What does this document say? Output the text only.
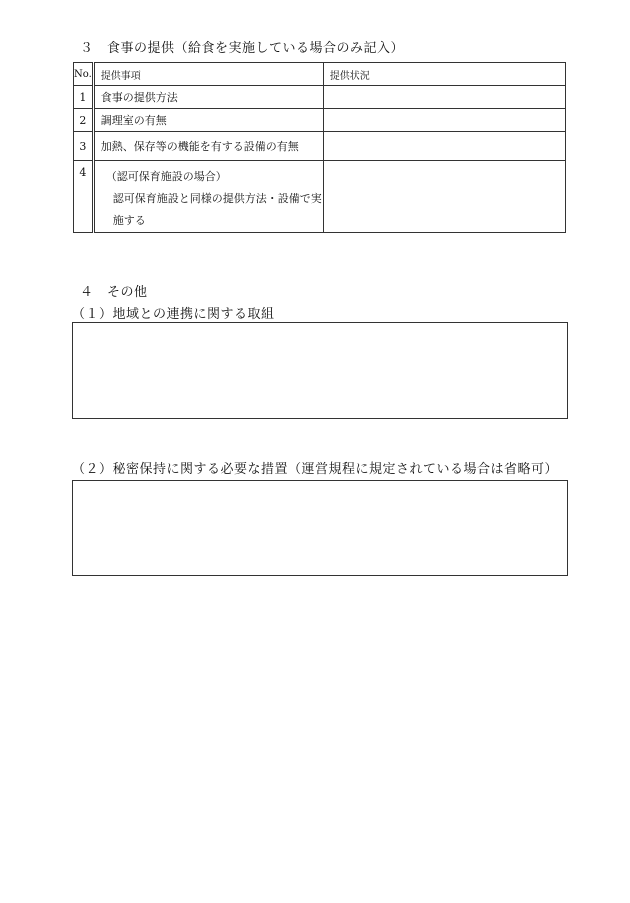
３　食事の提供（給食を実施している場合のみ記入）
No.	提供事項	提供状況
1	食事の提供方法	
2	調理室の有無	
3	加熱、保存等の機能を有する設備の有無	
4	（認可保育施設の場合）
認可保育施設と同様の提供方法・設備で実施する	

４　その他
（１）地域との連携に関する取組
（２）秘密保持に関する必要な措置（運営規程に規定されている場合は省略可）
